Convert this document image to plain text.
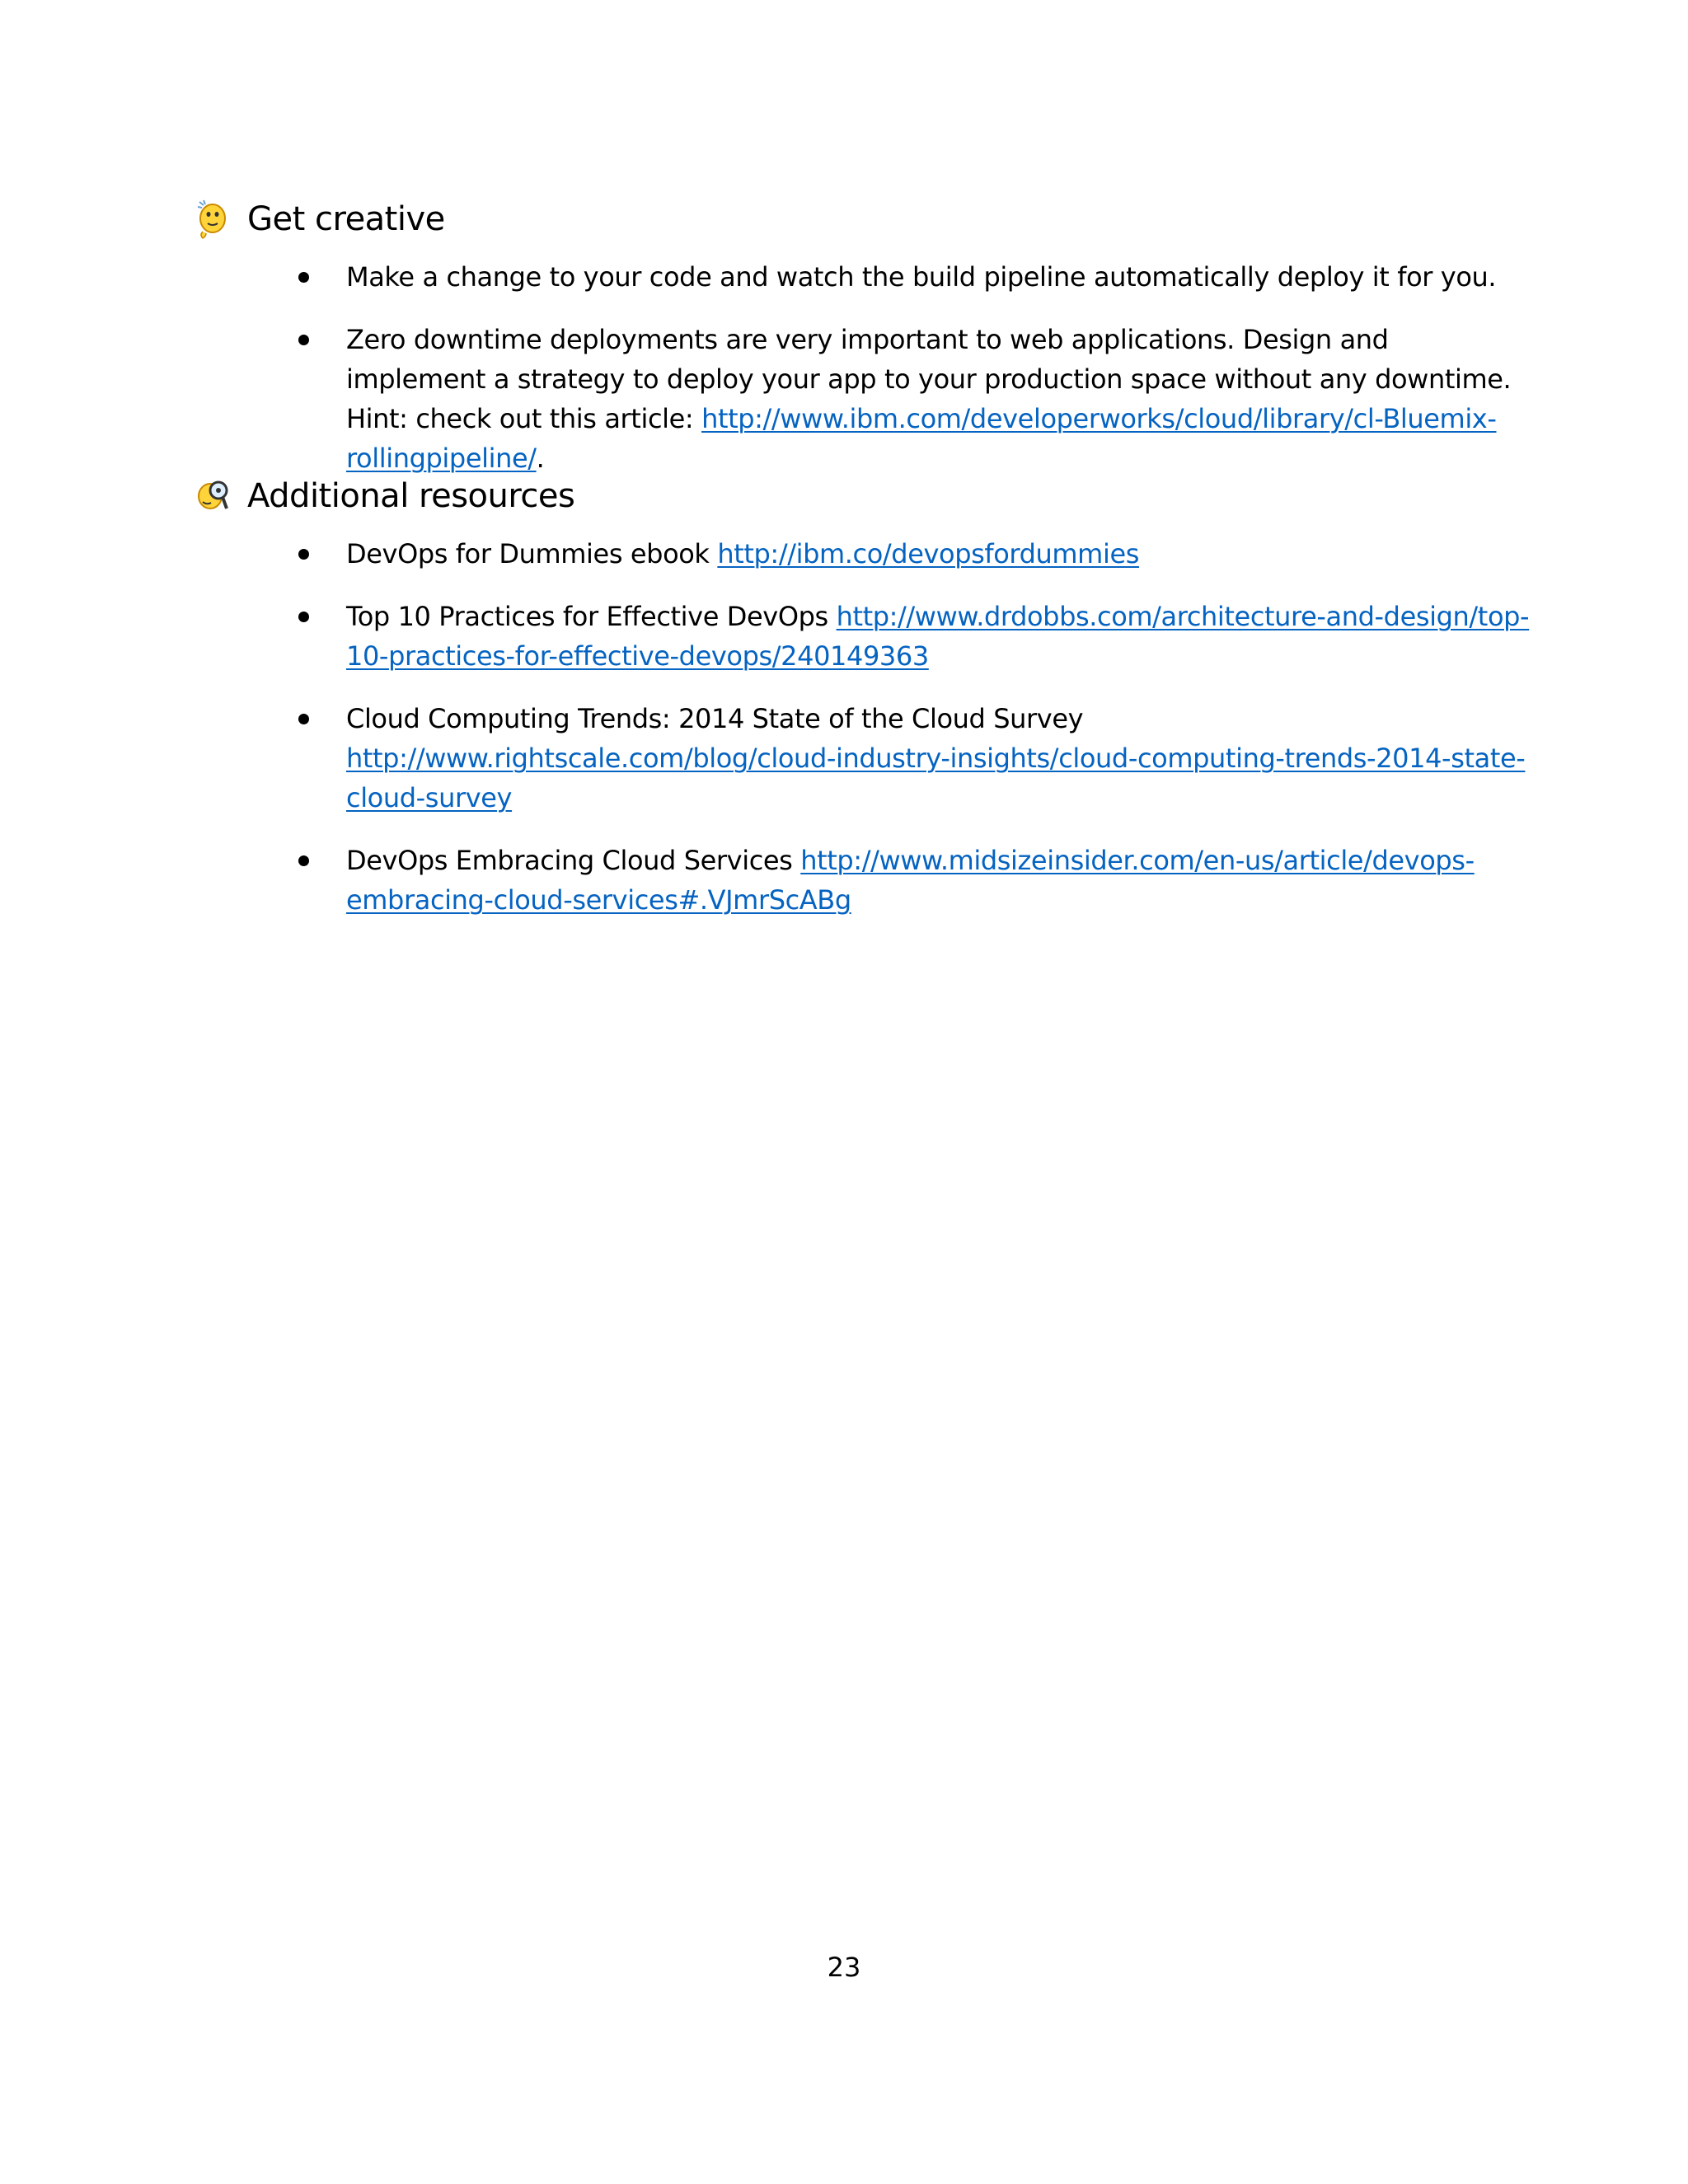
Get creative
Make a change to your code and watch the build pipeline automatically deploy it for you.
Zero downtime deployments are very important to web applications. Design and implement a strategy to deploy your app to your production space without any downtime. Hint: check out this article: http://www.ibm.com/developerworks/cloud/library/cl-Bluemix-rollingpipeline/.
Additional resources
DevOps for Dummies ebook http://ibm.co/devopsfordummies
Top 10 Practices for Effective DevOps http://www.drdobbs.com/architecture-and-design/top-10-practices-for-effective-devops/240149363
Cloud Computing Trends: 2014 State of the Cloud Survey http://www.rightscale.com/blog/cloud-industry-insights/cloud-computing-trends-2014-state-cloud-survey
DevOps Embracing Cloud Services http://www.midsizeinsider.com/en-us/article/devops-embracing-cloud-services#.VJmrScABg
23
